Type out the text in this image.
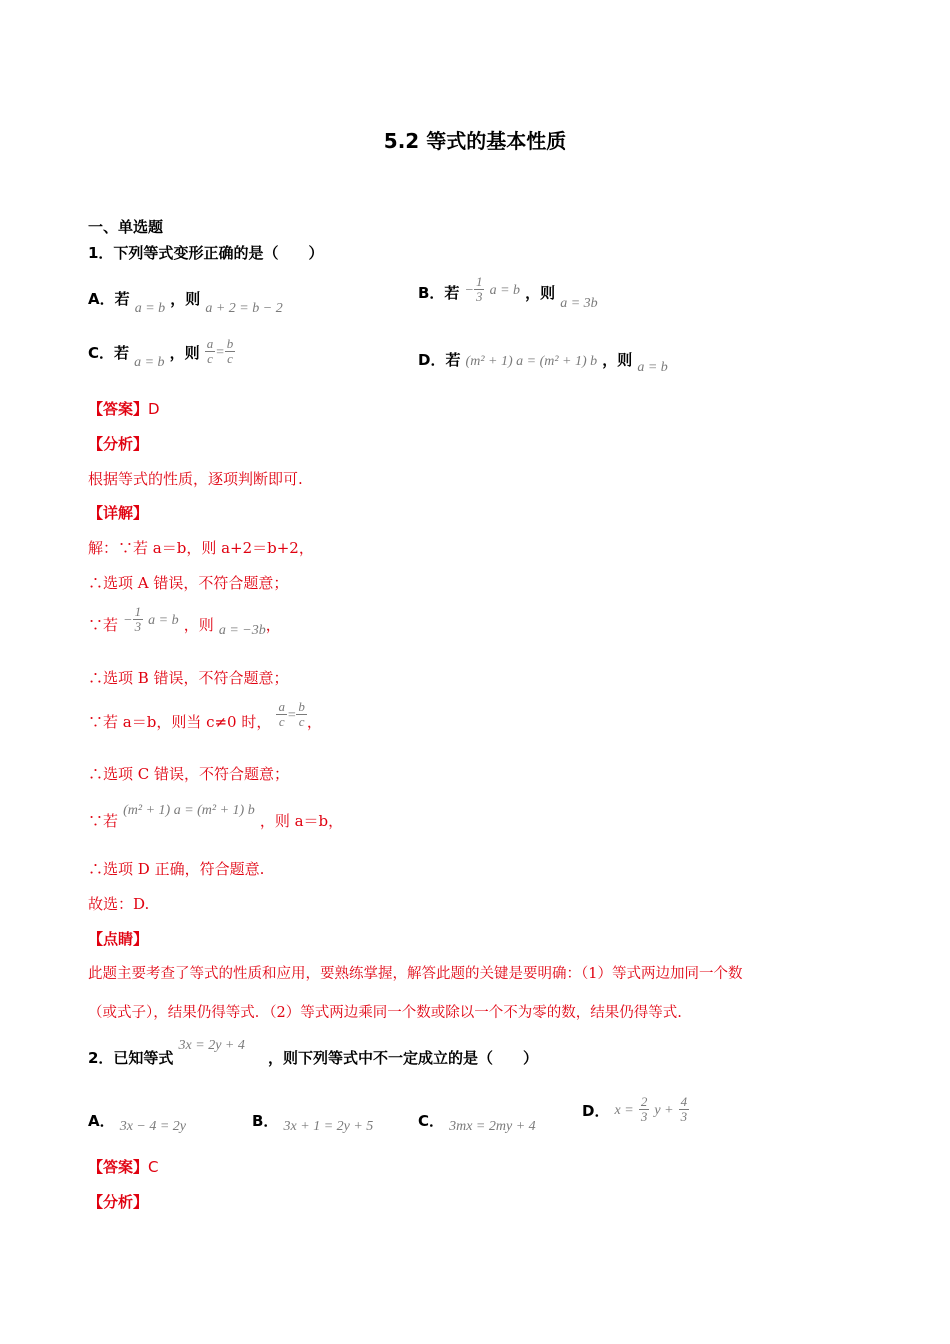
5.2 等式的基本性质
一、单选题
1．下列等式变形正确的是（　　）
A．若 a = b ，则 a + 2 = b − 2
B．若 − $\frac{1}{3}$ a = b ，则 a = 3b
C．若 a = b ，则 $\frac{a}{c} = \frac{b}{c}$	D．若 (m² + 1) a = (m² + 1) b ，则 a = b
【答案】D
【分析】
根据等式的性质，逐项判断即可.
【详解】
解：∵若 a＝b，则 a+2＝b+2，
∴选项 A 错误，不符合题意；
∵若 − $\frac{1}{3}$ a = b ，则 a = −3b，
∴选项 B 错误，不符合题意；
∵若 a＝b，则当 c≠0 时， $\frac{a}{c} = \frac{b}{c}$ ，
∴选项 C 错误，不符合题意；
∵若 (m² + 1) a = (m² + 1) b ，则 a＝b，
∴选项 D 正确，符合题意.
故选：D.
【点睛】
此题主要考查了等式的性质和应用，要熟练掌握，解答此题的关键是要明确：（1）等式两边加同一个数
（或式子），结果仍得等式．（2）等式两边乘同一个数或除以一个不为零的数，结果仍得等式.
2．已知等式 3x = 2y + 4 ，则下列等式中不一定成立的是（　　）
A． 3x − 4 = 2y	B． 3x + 1 = 2y + 5	C． 3mx = 2my + 4
D． $x = \frac{2}{3}$ $y + \frac{4}{3}$
【答案】C
【分析】
